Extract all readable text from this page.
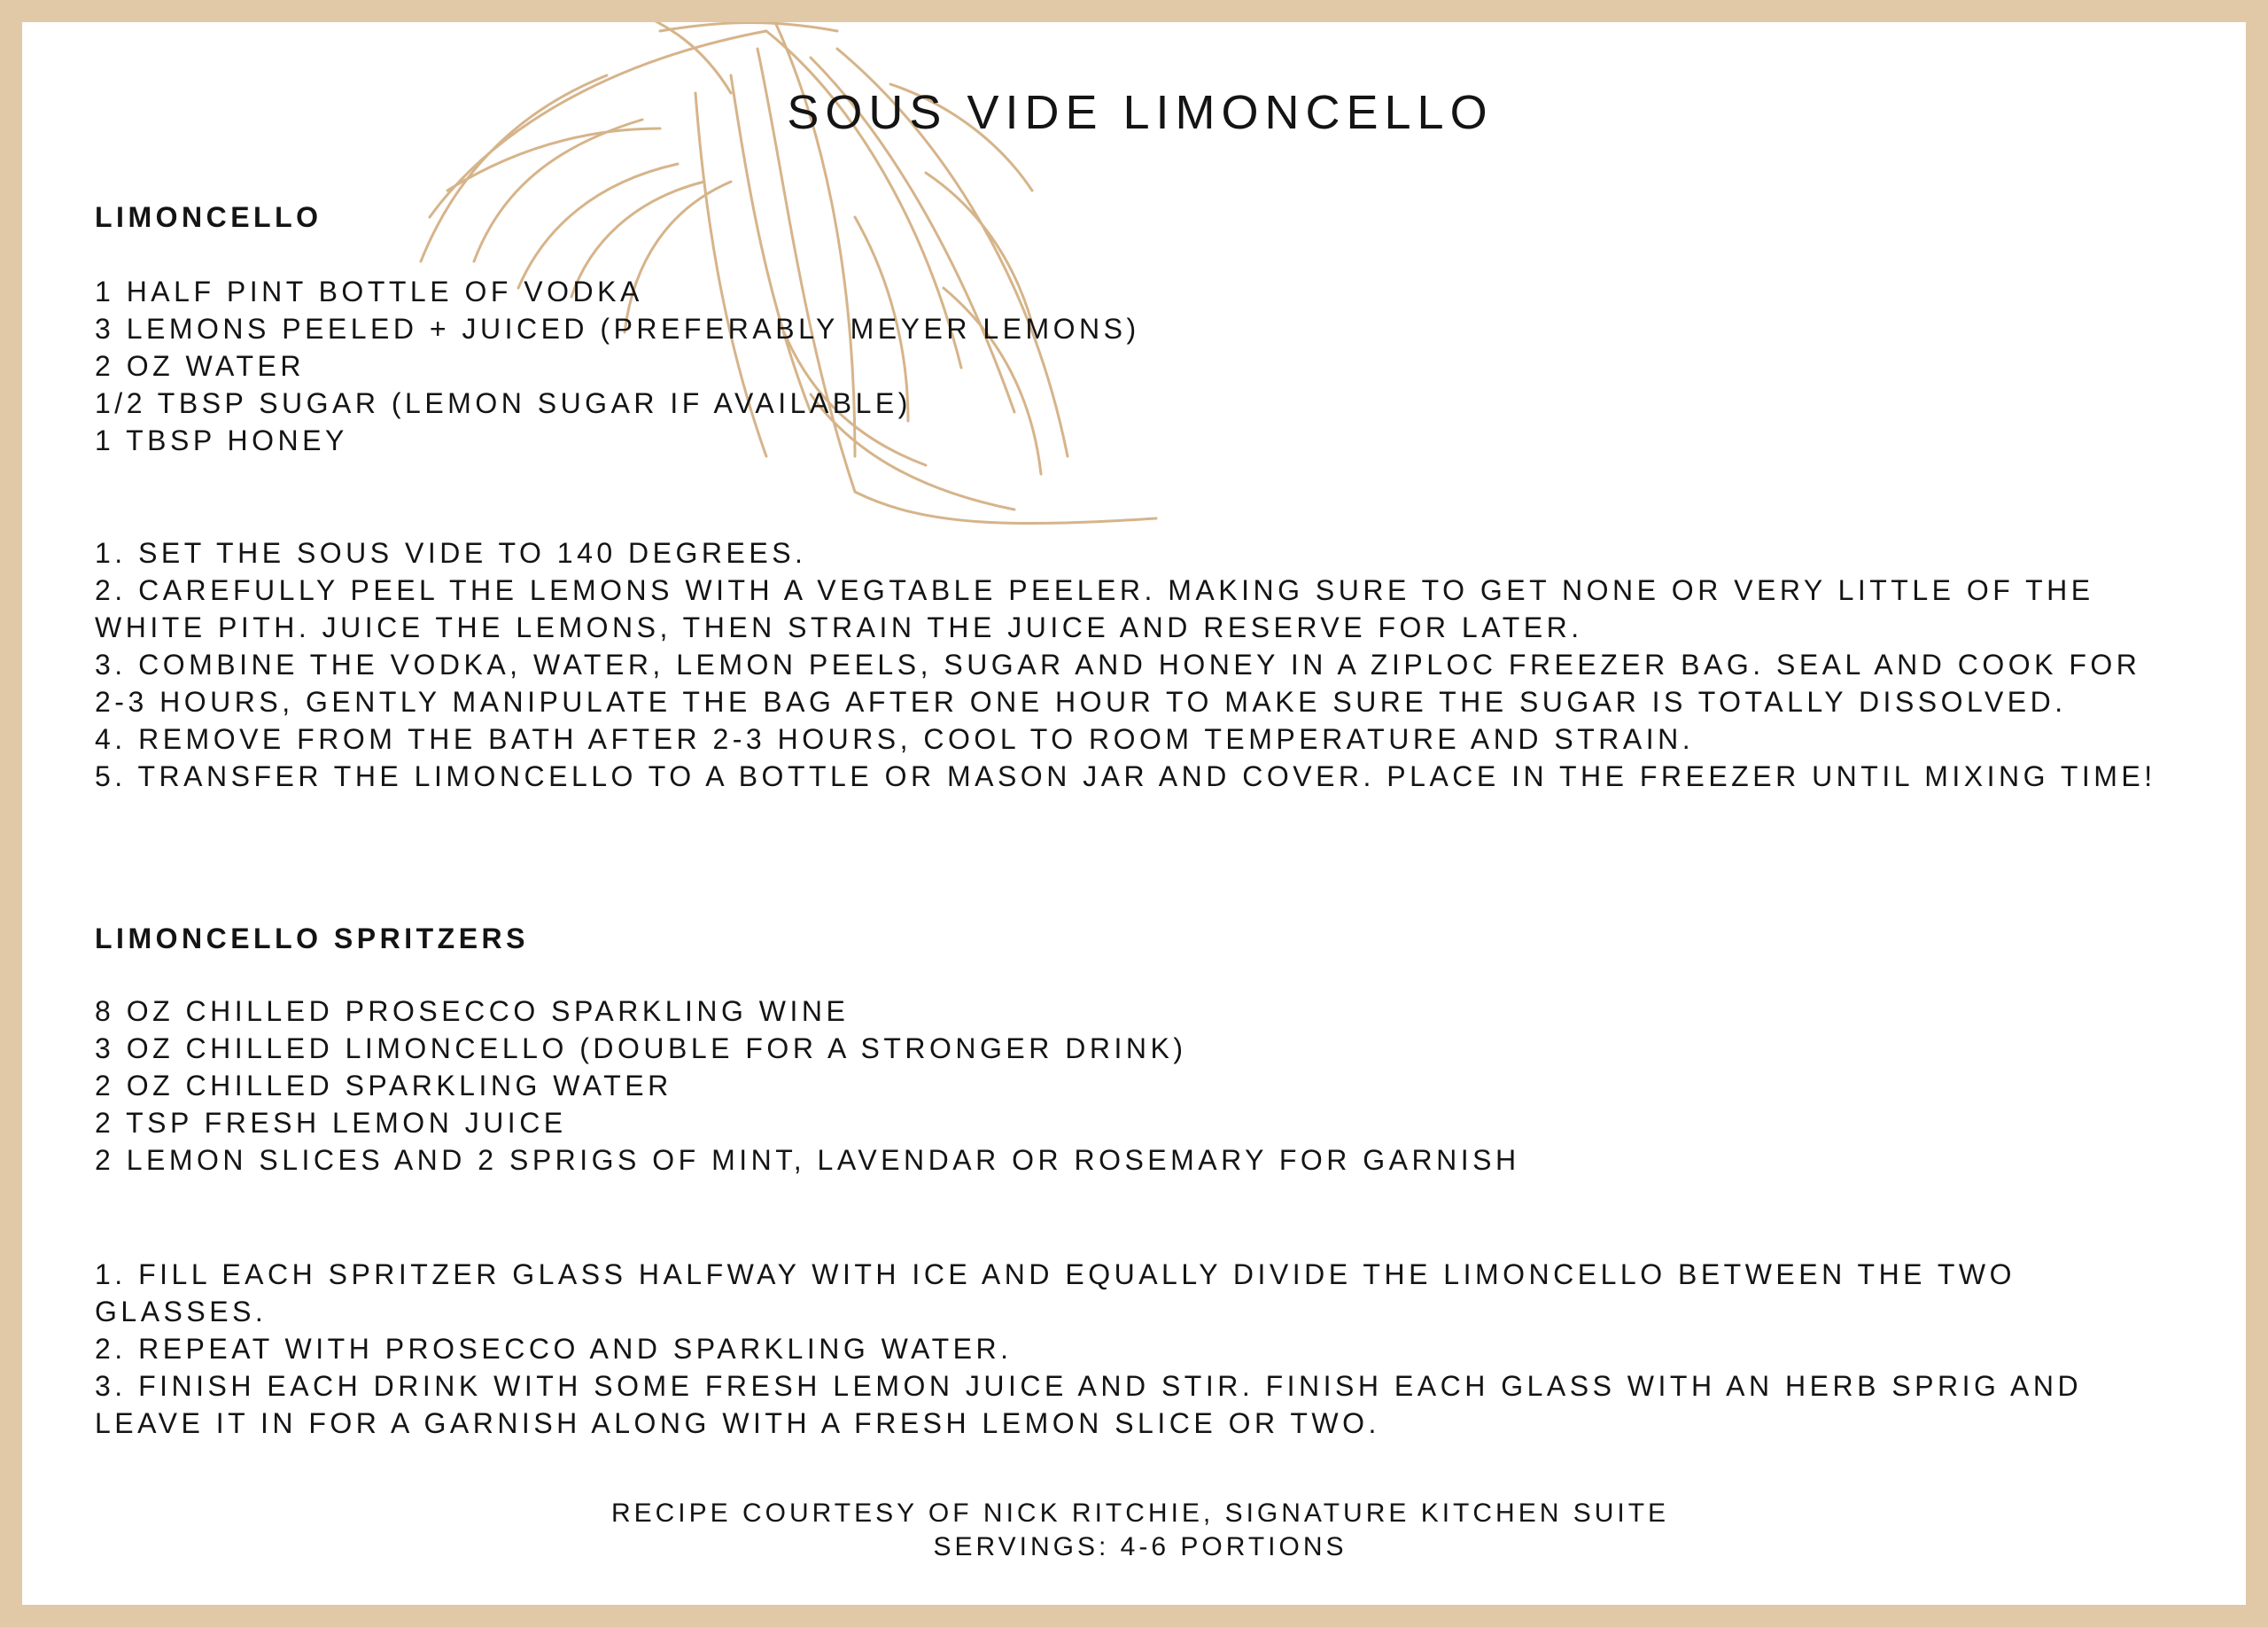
SOUS VIDE LIMONCELLO
LIMONCELLO
1 HALF PINT BOTTLE OF VODKA
3 LEMONS PEELED + JUICED (PREFERABLY MEYER LEMONS)
2 OZ WATER
1/2 TBSP SUGAR (LEMON SUGAR IF AVAILABLE)
1 TBSP HONEY
1. SET THE SOUS VIDE TO 140 DEGREES.
2. CAREFULLY PEEL THE LEMONS WITH A VEGTABLE PEELER. MAKING SURE TO GET NONE OR VERY LITTLE OF THE WHITE PITH. JUICE THE LEMONS, THEN STRAIN THE JUICE AND RESERVE FOR LATER.
3. COMBINE THE VODKA, WATER, LEMON PEELS, SUGAR AND HONEY IN A ZIPLOC FREEZER BAG. SEAL AND COOK FOR 2-3 HOURS, GENTLY MANIPULATE THE BAG AFTER ONE HOUR TO MAKE SURE THE SUGAR IS TOTALLY DISSOLVED.
4. REMOVE FROM THE BATH AFTER 2-3 HOURS, COOL TO ROOM TEMPERATURE AND STRAIN.
5. TRANSFER THE LIMONCELLO TO A BOTTLE OR MASON JAR AND COVER. PLACE IN THE FREEZER UNTIL MIXING TIME!
LIMONCELLO SPRITZERS
8 OZ CHILLED PROSECCO SPARKLING WINE
3 OZ CHILLED LIMONCELLO (DOUBLE FOR A STRONGER DRINK)
2 OZ CHILLED SPARKLING WATER
2 TSP FRESH LEMON JUICE
2 LEMON SLICES AND 2 SPRIGS OF MINT, LAVENDAR OR ROSEMARY FOR GARNISH
1. FILL EACH SPRITZER GLASS HALFWAY WITH ICE AND EQUALLY DIVIDE THE LIMONCELLO BETWEEN THE TWO GLASSES.
2. REPEAT WITH PROSECCO AND SPARKLING WATER.
3. FINISH EACH DRINK WITH SOME FRESH LEMON JUICE AND STIR. FINISH EACH GLASS WITH AN HERB SPRIG AND LEAVE IT IN FOR A GARNISH ALONG WITH A FRESH LEMON SLICE OR TWO.
RECIPE COURTESY OF NICK RITCHIE, SIGNATURE KITCHEN SUITE
SERVINGS: 4-6 PORTIONS
